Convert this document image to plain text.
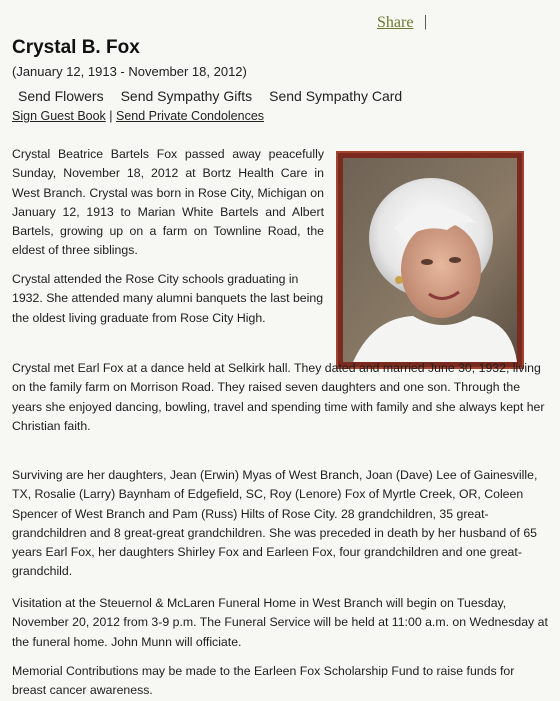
Share |
Crystal B. Fox
(January 12, 1913 - November 18, 2012)
Send Flowers Send Sympathy Gifts Send Sympathy Card
Sign Guest Book | Send Private Condolences

Crystal Beatrice Bartels Fox passed away peacefully Sunday, November 18, 2012 at Bortz Health Care in West Branch. Crystal was born in Rose City, Michigan on January 12, 1913 to Marian White Bartels and Albert Bartels, growing up on a farm on Townline Road, the eldest of three siblings.

Crystal attended the Rose City schools graduating in 1932. She attended many alumni banquets the last being the oldest living graduate from Rose City High.

Crystal met Earl Fox at a dance held at Selkirk hall. They dated and married June 30, 1932, living on the family farm on Morrison Road. They raised seven daughters and one son. Through the years she enjoyed dancing, bowling, travel and spending time with family and she always kept her Christian faith.

Surviving are her daughters, Jean (Erwin) Myas of West Branch, Joan (Dave) Lee of Gainesville, TX, Rosalie (Larry) Baynham of Edgefield, SC, Roy (Lenore) Fox of Myrtle Creek, OR, Coleen Spencer of West Branch and Pam (Russ) Hilts of Rose City. 28 grandchildren, 35 great-grandchildren and 8 great-great grandchildren. She was preceded in death by her husband of 65 years Earl Fox, her daughters Shirley Fox and Earleen Fox, four grandchildren and one great-grandchild.

Visitation at the Steuernol & McLaren Funeral Home in West Branch will begin on Tuesday, November 20, 2012 from 3-9 p.m. The Funeral Service will be held at 11:00 a.m. on Wednesday at the funeral home. John Munn will officiate.

Memorial Contributions may be made to the Earleen Fox Scholarship Fund to raise funds for breast cancer awareness.
